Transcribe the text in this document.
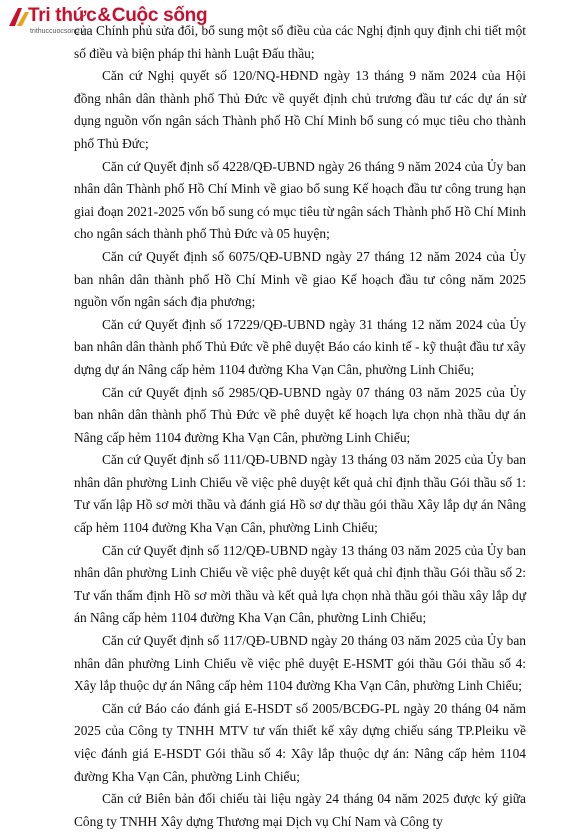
Tri thức&Cuộc sống
trithuccuocsong.vn

của Chính phủ sửa đổi, bổ sung một số điều của các Nghị định quy định chi tiết một số điều và biện pháp thi hành Luật Đấu thầu;

Căn cứ Nghị quyết số 120/NQ-HĐND ngày 13 tháng 9 năm 2024 của Hội đồng nhân dân thành phố Thủ Đức về quyết định chủ trương đầu tư các dự án sử dụng nguồn vốn ngân sách Thành phố Hồ Chí Minh bổ sung có mục tiêu cho thành phố Thủ Đức;

Căn cứ Quyết định số 4228/QĐ-UBND ngày 26 tháng 9 năm 2024 của Ủy ban nhân dân Thành phố Hồ Chí Minh về giao bổ sung Kế hoạch đầu tư công trung hạn giai đoạn 2021-2025 vốn bổ sung có mục tiêu từ ngân sách Thành phố Hồ Chí Minh cho ngân sách thành phố Thủ Đức và 05 huyện;

Căn cứ Quyết định số 6075/QĐ-UBND ngày 27 tháng 12 năm 2024 của Ủy ban nhân dân thành phố Hồ Chí Minh về giao Kế hoạch đầu tư công năm 2025 nguồn vốn ngân sách địa phương;

Căn cứ Quyết định số 17229/QĐ-UBND ngày 31 tháng 12 năm 2024 của Ủy ban nhân dân thành phố Thủ Đức về phê duyệt Báo cáo kinh tế - kỹ thuật đầu tư xây dựng dự án Nâng cấp hẻm 1104 đường Kha Vạn Cân, phường Linh Chiểu;

Căn cứ Quyết định số 2985/QĐ-UBND ngày 07 tháng 03 năm 2025 của Ủy ban nhân dân thành phố Thủ Đức về phê duyệt kế hoạch lựa chọn nhà thầu dự án Nâng cấp hẻm 1104 đường Kha Vạn Cân, phường Linh Chiểu;

Căn cứ Quyết định số 111/QĐ-UBND ngày 13 tháng 03 năm 2025 của Ủy ban nhân dân phường Linh Chiểu về việc phê duyệt kết quả chỉ định thầu Gói thầu số 1: Tư vấn lập Hồ sơ mời thầu và đánh giá Hồ sơ dự thầu gói thầu Xây lắp dự án Nâng cấp hẻm 1104 đường Kha Vạn Cân, phường Linh Chiểu;

Căn cứ Quyết định số 112/QĐ-UBND ngày 13 tháng 03 năm 2025 của Ủy ban nhân dân phường Linh Chiểu về việc phê duyệt kết quả chỉ định thầu Gói thầu số 2: Tư vấn thẩm định Hồ sơ mời thầu và kết quả lựa chọn nhà thầu gói thầu xây lắp dự án Nâng cấp hẻm 1104 đường Kha Vạn Cân, phường Linh Chiểu;

Căn cứ Quyết định số 117/QĐ-UBND ngày 20 tháng 03 năm 2025 của Ủy ban nhân dân phường Linh Chiểu về việc phê duyệt E-HSMT gói thầu Gói thầu số 4: Xây lắp thuộc dự án Nâng cấp hẻm 1104 đường Kha Vạn Cân, phường Linh Chiểu;

Căn cứ Báo cáo đánh giá E-HSDT số 2005/BCĐG-PL ngày 20 tháng 04 năm 2025 của Công ty TNHH MTV tư vấn thiết kế xây dựng chiếu sáng TP.Pleiku về việc đánh giá E-HSDT Gói thầu số 4: Xây lắp thuộc dự án: Nâng cấp hẻm 1104 đường Kha Vạn Cân, phường Linh Chiểu;

Căn cứ Biên bản đối chiếu tài liệu ngày 24 tháng 04 năm 2025 được ký giữa Công ty TNHH Xây dựng Thương mại Dịch vụ Chí Nam và Công ty
